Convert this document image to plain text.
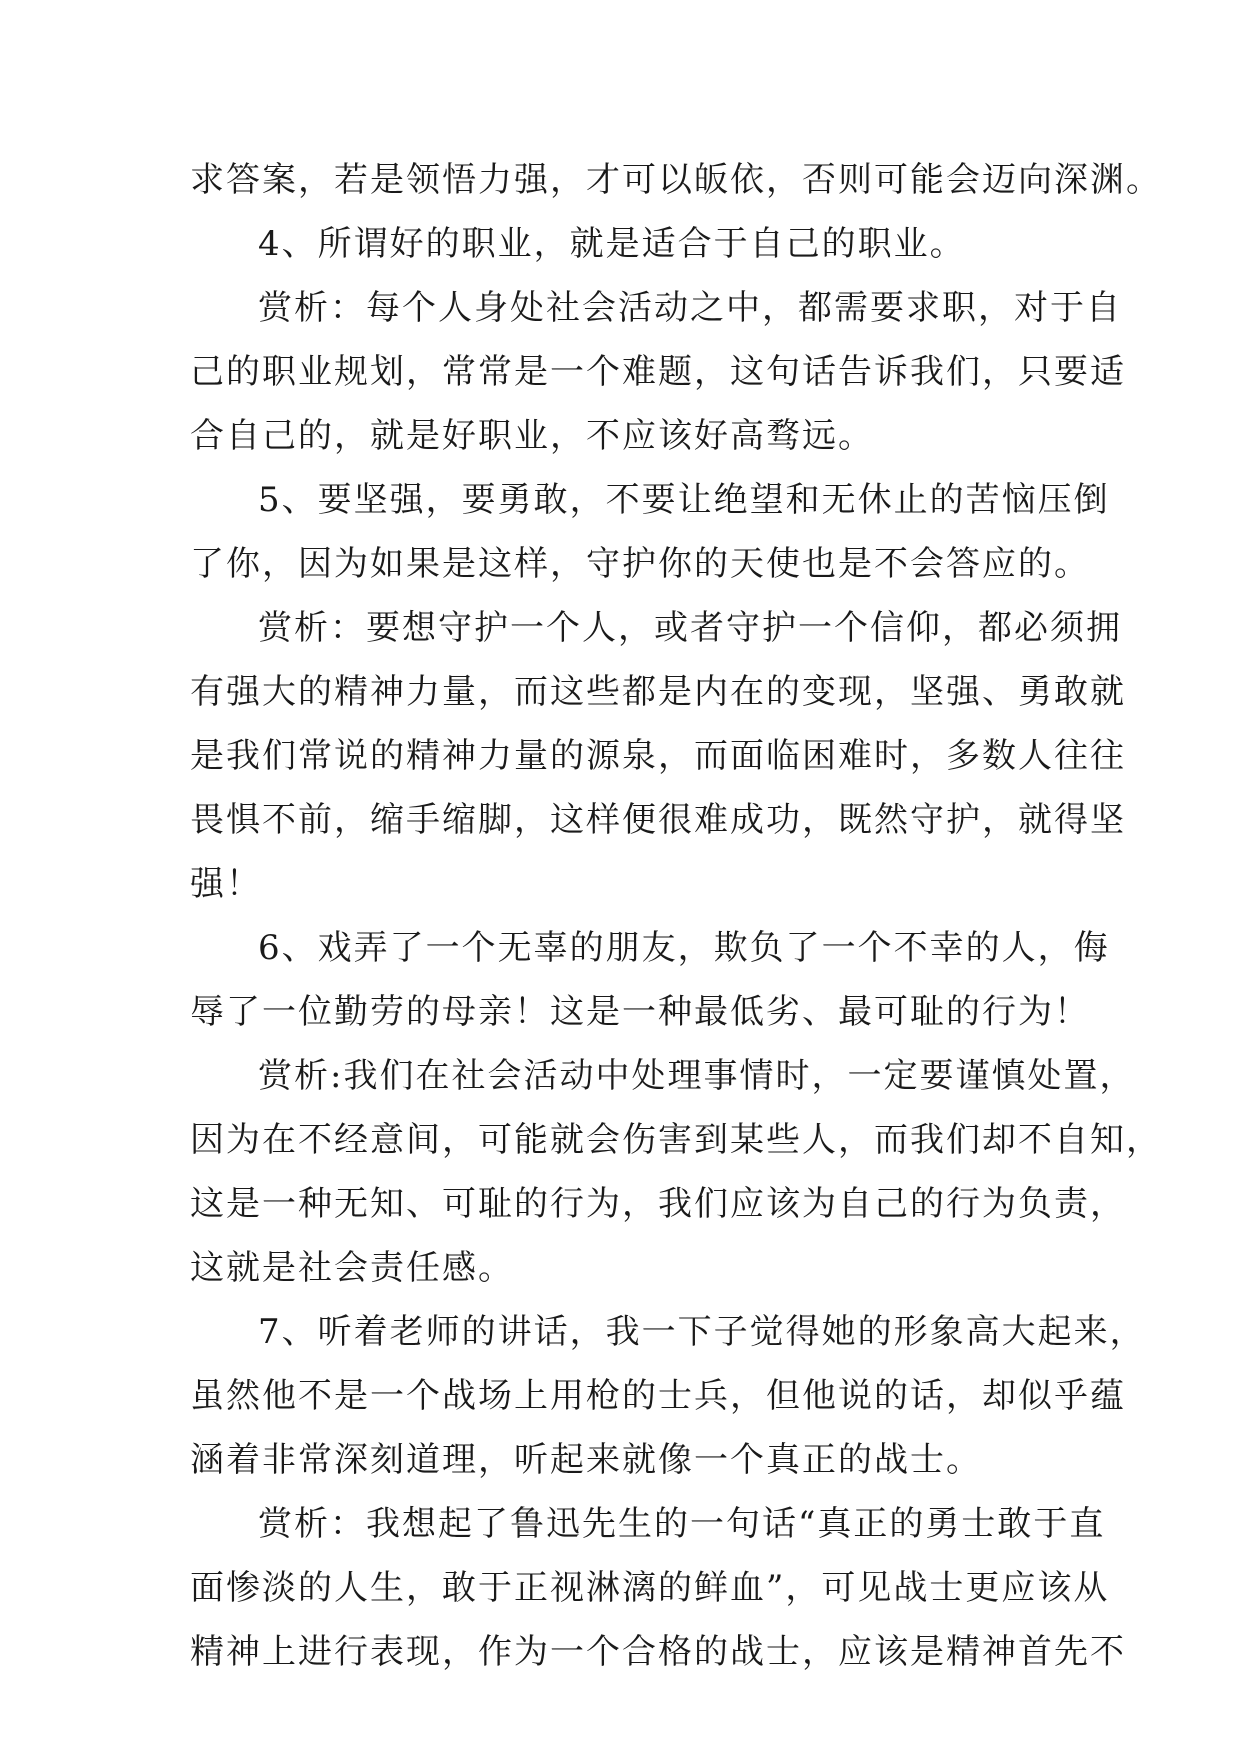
求答案，若是领悟力强，才可以皈依，否则可能会迈向深渊。
4、所谓好的职业，就是适合于自己的职业。
赏析：每个人身处社会活动之中，都需要求职，对于自
己的职业规划，常常是一个难题，这句话告诉我们，只要适
合自己的，就是好职业，不应该好高骛远。
5、要坚强，要勇敢，不要让绝望和无休止的苦恼压倒
了你，因为如果是这样，守护你的天使也是不会答应的。
赏析：要想守护一个人，或者守护一个信仰，都必须拥
有强大的精神力量，而这些都是内在的变现，坚强、勇敢就
是我们常说的精神力量的源泉，而面临困难时，多数人往往
畏惧不前，缩手缩脚，这样便很难成功，既然守护，就得坚
强！
6、戏弄了一个无辜的朋友，欺负了一个不幸的人，侮
辱了一位勤劳的母亲！这是一种最低劣、最可耻的行为！
赏析:我们在社会活动中处理事情时，一定要谨慎处置，
因为在不经意间，可能就会伤害到某些人，而我们却不自知，
这是一种无知、可耻的行为，我们应该为自己的行为负责，
这就是社会责任感。
7、听着老师的讲话，我一下子觉得她的形象高大起来，
虽然他不是一个战场上用枪的士兵，但他说的话，却似乎蕴
涵着非常深刻道理，听起来就像一个真正的战士。
赏析：我想起了鲁迅先生的一句话“真正的勇士敢于直
面惨淡的人生，敢于正视淋漓的鲜血”，可见战士更应该从
精神上进行表现，作为一个合格的战士，应该是精神首先不
